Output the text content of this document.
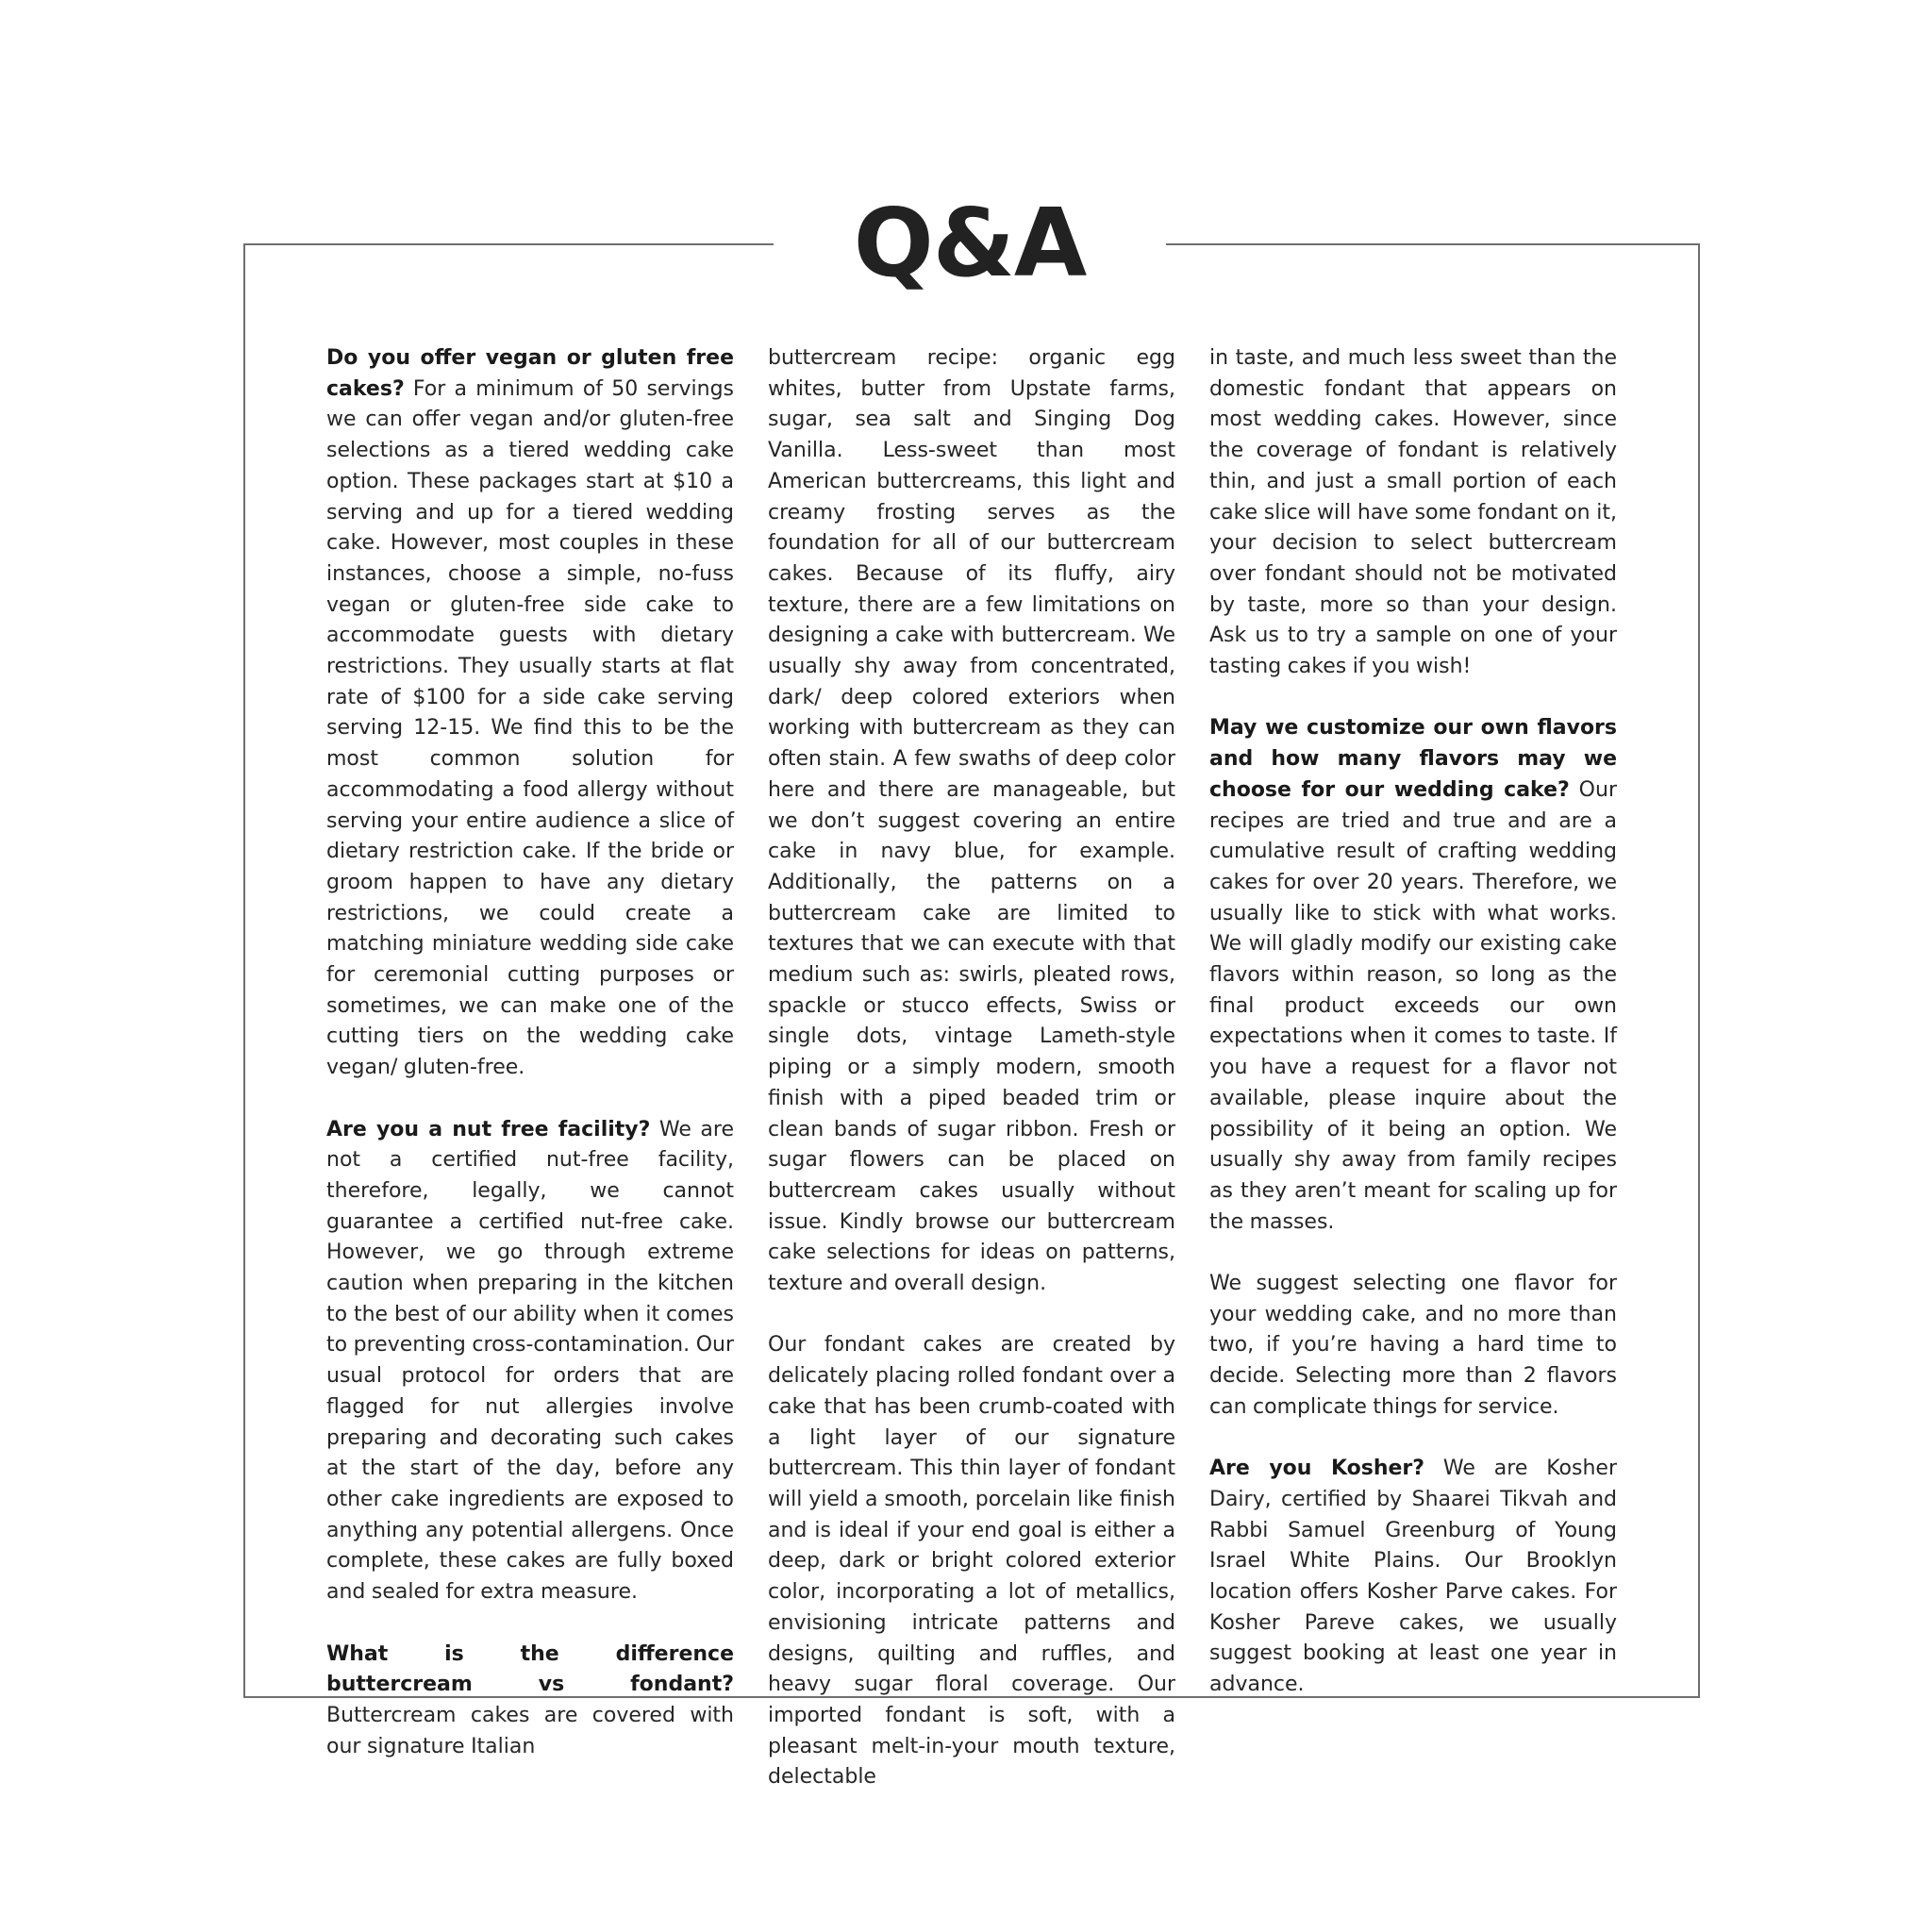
Q&A

Do you offer vegan or gluten free cakes? For a minimum of 50 servings we can offer vegan and/or gluten-free selections as a tiered wedding cake option. These packages start at $10 a serving and up for a tiered wedding cake. However, most couples in these instances, choose a simple, no-fuss vegan or gluten-free side cake to accommodate guests with dietary restrictions. They usually starts at flat rate of $100 for a side cake serving serving 12-15. We find this to be the most common solution for accommodating a food allergy without serving your entire audience a slice of dietary restriction cake. If the bride or groom happen to have any dietary restrictions, we could create a matching miniature wedding side cake for ceremonial cutting purposes or sometimes, we can make one of the cutting tiers on the wedding cake vegan/ gluten-free.

Are you a nut free facility? We are not a certified nut-free facility, therefore, legally, we cannot guarantee a certified nut-free cake. However, we go through extreme caution when preparing in the kitchen to the best of our ability when it comes to preventing cross-contamination. Our usual protocol for orders that are flagged for nut allergies involve preparing and decorating such cakes at the start of the day, before any other cake ingredients are exposed to anything any potential allergens. Once complete, these cakes are fully boxed and sealed for extra measure.

What is the difference buttercream vs fondant? Buttercream cakes are covered with our signature Italian

buttercream recipe: organic egg whites, butter from Upstate farms, sugar, sea salt and Singing Dog Vanilla. Less-sweet than most American buttercreams, this light and creamy frosting serves as the foundation for all of our buttercream cakes. Because of its fluffy, airy texture, there are a few limitations on designing a cake with buttercream. We usually shy away from concentrated, dark/ deep colored exteriors when working with buttercream as they can often stain. A few swaths of deep color here and there are manageable, but we don’t suggest covering an entire cake in navy blue, for example. Additionally, the patterns on a buttercream cake are limited to textures that we can execute with that medium such as: swirls, pleated rows, spackle or stucco effects, Swiss or single dots, vintage Lameth-style piping or a simply modern, smooth finish with a piped beaded trim or clean bands of sugar ribbon. Fresh or sugar flowers can be placed on buttercream cakes usually without issue. Kindly browse our buttercream cake selections for ideas on patterns, texture and overall design.

Our fondant cakes are created by delicately placing rolled fondant over a cake that has been crumb-coated with a light layer of our signature buttercream. This thin layer of fondant will yield a smooth, porcelain like finish and is ideal if your end goal is either a deep, dark or bright colored exterior color, incorporating a lot of metallics, envisioning intricate patterns and designs, quilting and ruffles, and heavy sugar floral coverage. Our imported fondant is soft, with a pleasant melt-in-your mouth texture, delectable

in taste, and much less sweet than the domestic fondant that appears on most wedding cakes. However, since the coverage of fondant is relatively thin, and just a small portion of each cake slice will have some fondant on it, your decision to select buttercream over fondant should not be motivated by taste, more so than your design. Ask us to try a sample on one of your tasting cakes if you wish!

May we customize our own flavors and how many flavors may we choose for our wedding cake? Our recipes are tried and true and are a cumulative result of crafting wedding cakes for over 20 years. Therefore, we usually like to stick with what works. We will gladly modify our existing cake flavors within reason, so long as the final product exceeds our own expectations when it comes to taste. If you have a request for a flavor not available, please inquire about the possibility of it being an option. We usually shy away from family recipes as they aren’t meant for scaling up for the masses.

We suggest selecting one flavor for your wedding cake, and no more than two, if you’re having a hard time to decide. Selecting more than 2 flavors can complicate things for service.

Are you Kosher? We are Kosher Dairy, certified by Shaarei Tikvah and Rabbi Samuel Greenburg of Young Israel White Plains. Our Brooklyn location offers Kosher Parve cakes. For Kosher Pareve cakes, we usually suggest booking at least one year in advance.
